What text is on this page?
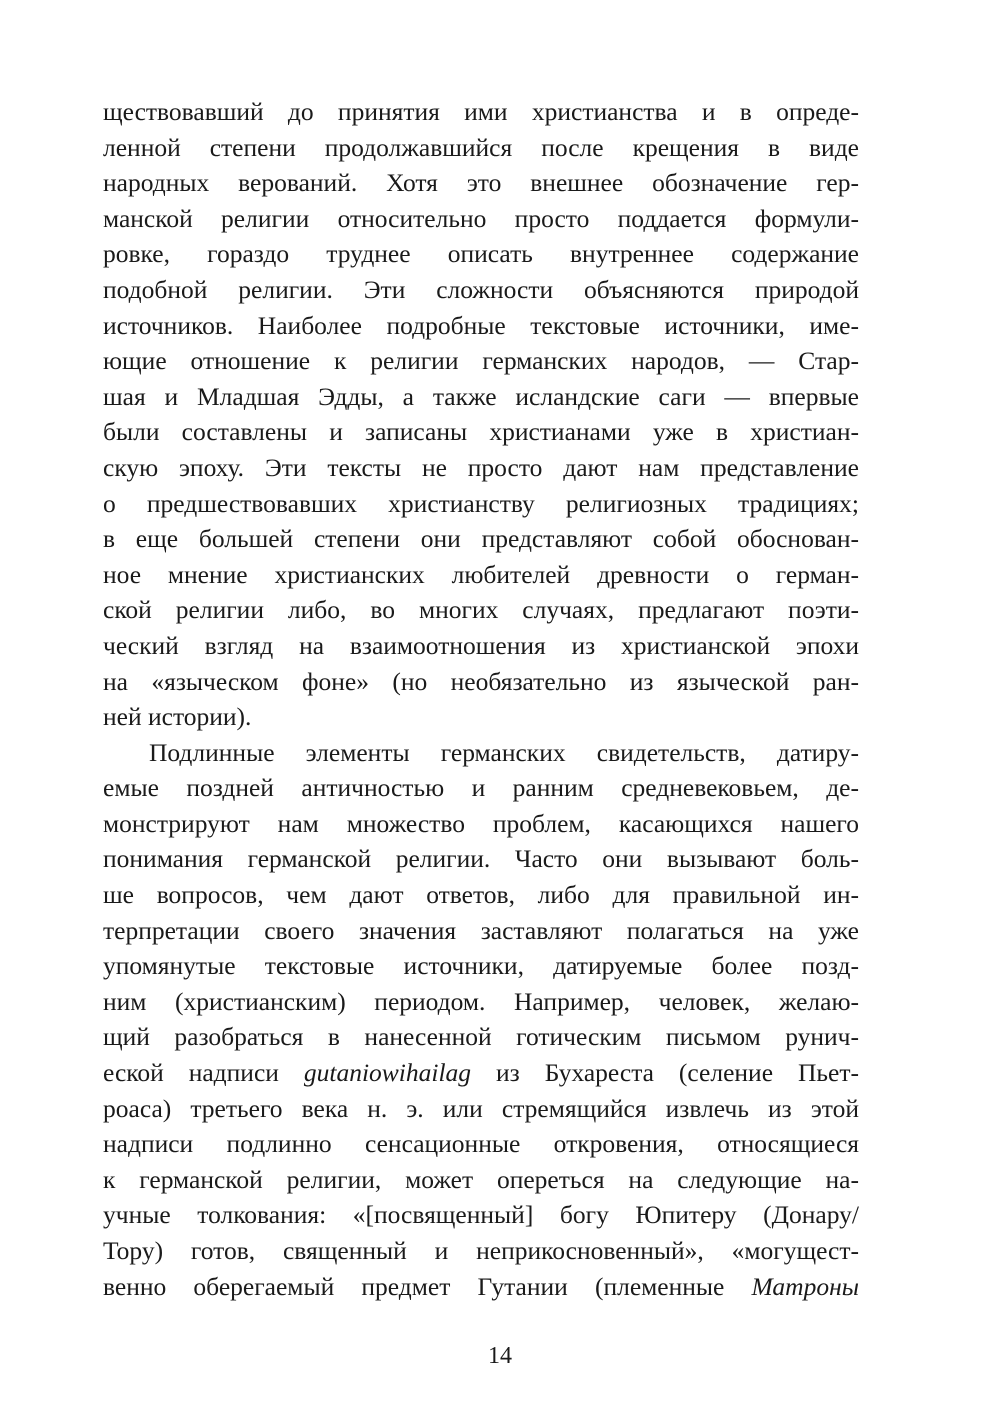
ществовавший до принятия ими христианства и в опреде-
ленной степени продолжавшийся после крещения в виде
народных верований. Хотя это внешнее обозначение гер-
манской религии относительно просто поддается формули-
ровке, гораздо труднее описать внутреннее содержание
подобной религии. Эти сложности объясняются природой
источников. Наиболее подробные текстовые источники, име-
ющие отношение к религии германских народов, — Стар-
шая и Младшая Эдды, а также исландские саги — впервые
были составлены и записаны христианами уже в христиан-
скую эпоху. Эти тексты не просто дают нам представление
о предшествовавших христианству религиозных традициях;
в еще большей степени они представляют собой обоснован-
ное мнение христианских любителей древности о герман-
ской религии либо, во многих случаях, предлагают поэти-
ческий взгляд на взаимоотношения из христианской эпохи
на «языческом фоне» (но необязательно из языческой ран-
ней истории).
Подлинные элементы германских свидетельств, датиру-
емые поздней античностью и ранним средневековьем, де-
монстрируют нам множество проблем, касающихся нашего
понимания германской религии. Часто они вызывают боль-
ше вопросов, чем дают ответов, либо для правильной ин-
терпретации своего значения заставляют полагаться на уже
упомянутые текстовые источники, датируемые более позд-
ним (христианским) периодом. Например, человек, желаю-
щий разобраться в нанесенной готическим письмом рунич-
еской надписи gutaniowihailag из Бухареста (селение Пьет-
роаса) третьего века н. э. или стремящийся извлечь из этой
надписи подлинно сенсационные откровения, относящиеся
к германской религии, может опереться на следующие на-
учные толкования: «[посвященный] богу Юпитеру (Донару/
Тору) готов, священный и неприкосновенный», «могущест-
венно оберегаемый предмет Гутании (племенные Матроны
14
